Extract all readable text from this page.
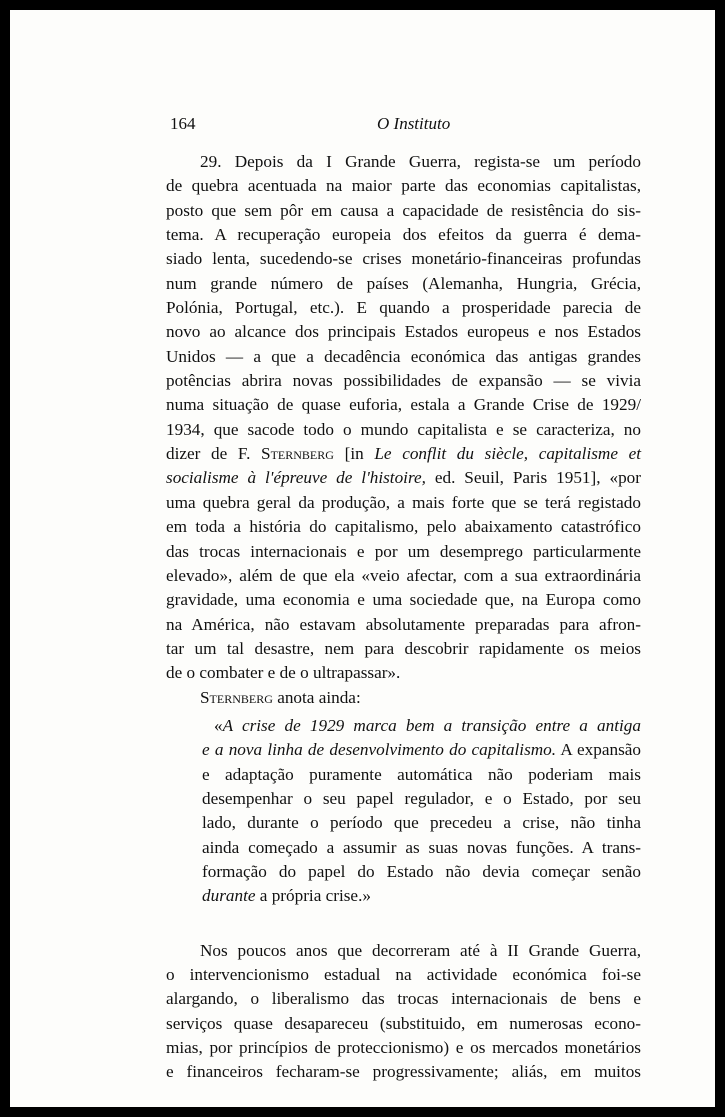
164	O Instituto

29. Depois da I Grande Guerra, regista-se um período
de quebra acentuada na maior parte das economias capitalistas,
posto que sem pôr em causa a capacidade de resistência do sis-
tema. A recuperação europeia dos efeitos da guerra é dema-
siado lenta, sucedendo-se crises monetário-financeiras profundas
num grande número de países (Alemanha, Hungria, Grécia,
Polónia, Portugal, etc.). E quando a prosperidade parecia de
novo ao alcance dos principais Estados europeus e nos Estados
Unidos — a que a decadência económica das antigas grandes
potências abrira novas possibilidades de expansão — se vivia
numa situação de quase euforia, estala a Grande Crise de 1929/
1934, que sacode todo o mundo capitalista e se caracteriza, no
dizer de F. Sternberg [in Le conflit du siècle, capitalisme et
socialisme à l'épreuve de l'histoire, ed. Seuil, Paris 1951], «por
uma quebra geral da produção, a mais forte que se terá registado
em toda a história do capitalismo, pelo abaixamento catastrófico
das trocas internacionais e por um desemprego particularmente
elevado», além de que ela «veio afectar, com a sua extraordinária
gravidade, uma economia e uma sociedade que, na Europa como
na América, não estavam absolutamente preparadas para afron-
tar um tal desastre, nem para descobrir rapidamente os meios
de o combater e de o ultrapassar».

Sternberg anota ainda:

«A crise de 1929 marca bem a transição entre a antiga
e a nova linha de desenvolvimento do capitalismo. A expansão
e adaptação puramente automática não poderiam mais
desempenhar o seu papel regulador, e o Estado, por seu
lado, durante o período que precedeu a crise, não tinha
ainda começado a assumir as suas novas funções. A trans-
formação do papel do Estado não devia começar senão
durante a própria crise.»

Nos poucos anos que decorreram até à II Grande Guerra,
o intervencionismo estadual na actividade económica foi-se
alargando, o liberalismo das trocas internacionais de bens e
serviços quase desapareceu (substituido, em numerosas econo-
mias, por princípios de proteccionismo) e os mercados monetários
e financeiros fecharam-se progressivamente; aliás, em muitos
